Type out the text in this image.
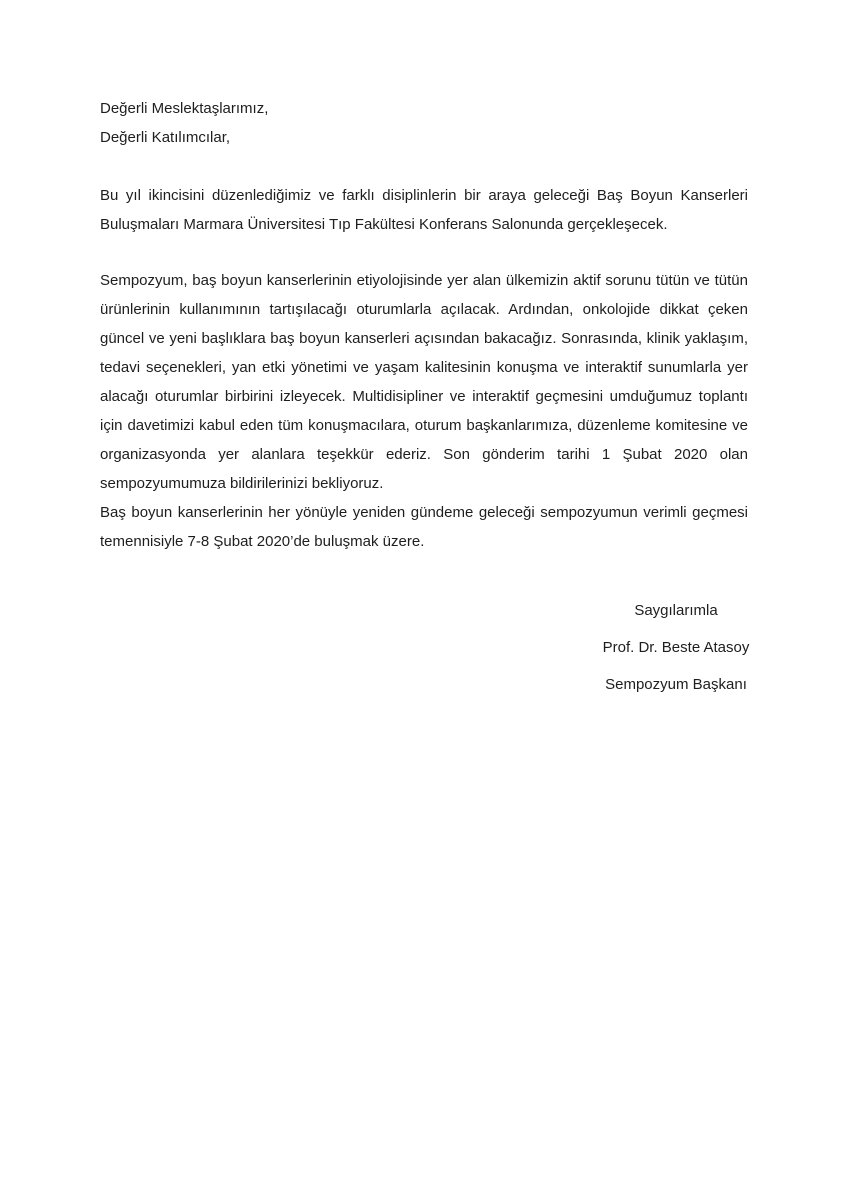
Değerli Meslektaşlarımız,

Değerli Katılımcılar,

Bu yıl ikincisini düzenlediğimiz ve farklı disiplinlerin bir araya geleceği Baş Boyun Kanserleri Buluşmaları Marmara Üniversitesi Tıp Fakültesi Konferans Salonunda gerçekleşecek.

Sempozyum, baş boyun kanserlerinin etiyolojisinde yer alan ülkemizin aktif sorunu tütün ve tütün ürünlerinin kullanımının tartışılacağı oturumlarla açılacak. Ardından, onkolojide dikkat çeken güncel ve yeni başlıklara baş boyun kanserleri açısından bakacağız. Sonrasında, klinik yaklaşım, tedavi seçenekleri, yan etki yönetimi ve yaşam kalitesinin konuşma ve interaktif sunumlarla yer alacağı oturumlar birbirini izleyecek. Multidisipliner ve interaktif geçmesini umduğumuz toplantı için davetimizi kabul eden tüm konuşmacılara, oturum başkanlarımıza, düzenleme komitesine ve organizasyonda yer alanlara teşekkür ederiz. Son gönderim tarihi 1 Şubat 2020 olan sempozyumumuza bildirilerinizi bekliyoruz.

Baş boyun kanserlerinin her yönüyle yeniden gündeme geleceği sempozyumun verimli geçmesi temennisiyle 7-8 Şubat 2020’de buluşmak üzere.

Saygılarımla

Prof. Dr. Beste Atasoy

Sempozyum Başkanı
